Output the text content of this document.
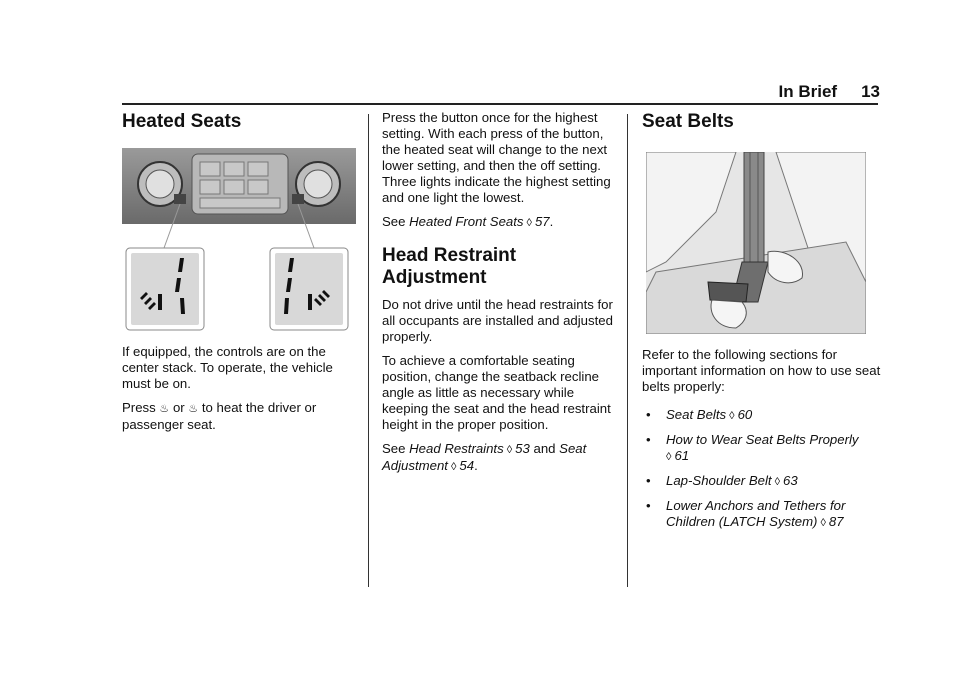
In Brief 13
Heated Seats

If equipped, the controls are on the center stack. To operate, the vehicle must be on.

Press ♨ or ♨ to heat the driver or passenger seat.

Press the button once for the highest setting. With each press of the button, the heated seat will change to the next lower setting, and then the off setting. Three lights indicate the highest setting and one light the lowest.

See Heated Front Seats ◊ 57.

Head Restraint Adjustment

Do not drive until the head restraints for all occupants are installed and adjusted properly.

To achieve a comfortable seating position, change the seatback recline angle as little as necessary while keeping the seat and the head restraint height in the proper position.

See Head Restraints ◊ 53 and Seat Adjustment ◊ 54.

Seat Belts

Refer to the following sections for important information on how to use seat belts properly:

• Seat Belts ◊ 60
• How to Wear Seat Belts Properly
◊ 61
• Lap-Shoulder Belt ◊ 63
• Lower Anchors and Tethers for Children (LATCH System) ◊ 87
